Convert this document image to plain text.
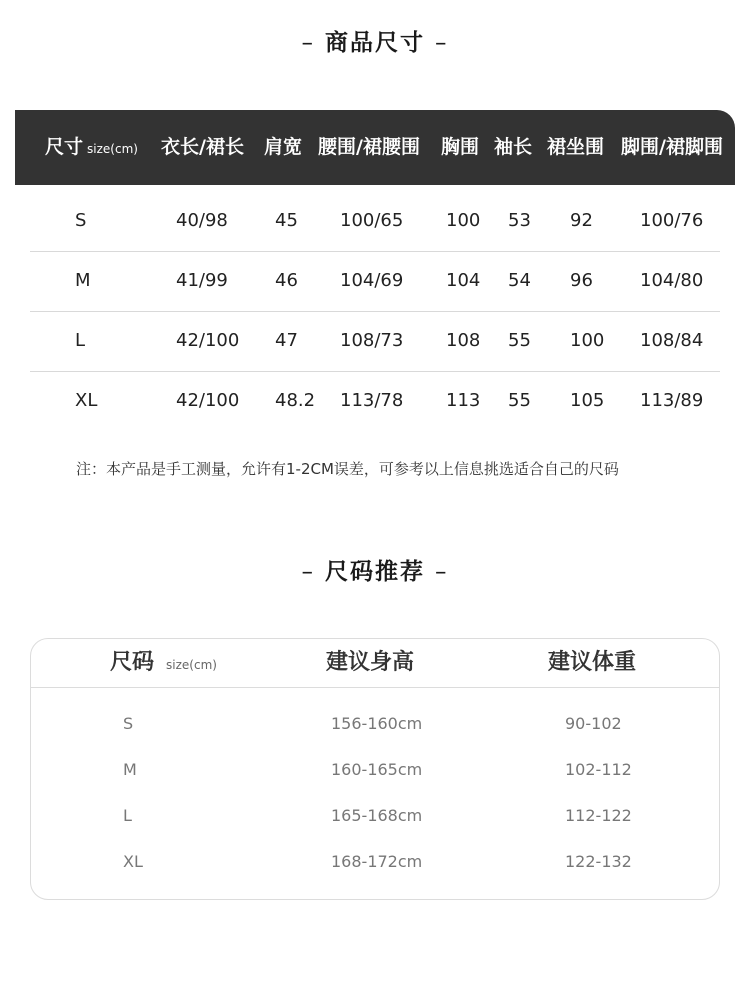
– 商品尺寸 –
尺寸 size(cm) 衣长/裙长 肩宽 腰围/裙腰围 胸围 袖长 裙坐围 脚围/裙脚围
S	40/98	45 100/65 100 53 92	100/76
M	41/99	46 104/69 104 54 96	104/80
L	42/100 47 108/73 108 55 100 108/84
XL	42/100 48.2 113/78 113 55 105 113/89
注：本产品是手工测量，允许有1-2CM误差，可参考以上信息挑选适合自己的尺码
– 尺码推荐 –
尺码 size(cm)	建议身高	建议体重
S	156-160cm	90-102
M	160-165cm	102-112
L	165-168cm	112-122
XL	168-172cm	122-132
